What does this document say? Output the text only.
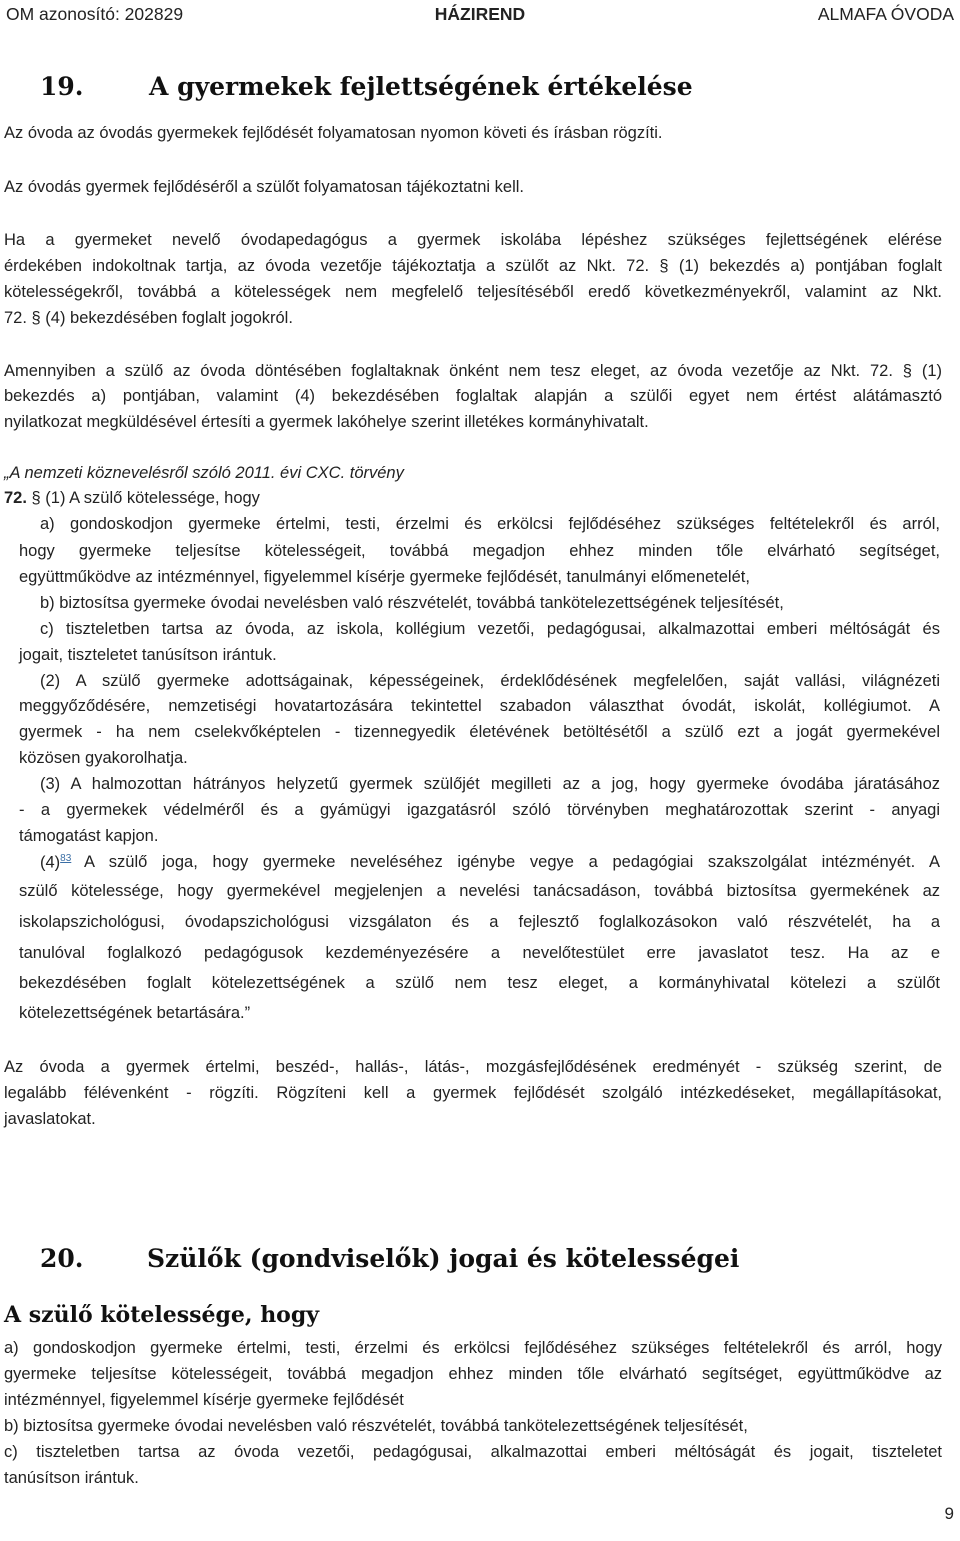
OM azonosító: 202829	HÁZIREND	ALMAFA ÓVODA
19.	A gyermekek fejlettségének értékelése
Az óvoda az óvodás gyermekek fejlődését folyamatosan nyomon követi és írásban rögzíti.
Az óvodás gyermek fejlődéséről a szülőt folyamatosan tájékoztatni kell.
Ha a gyermeket nevelő óvodapedagógus a gyermek iskolába lépéshez szükséges fejlettségének elérése
érdekében indokoltnak tartja, az óvoda vezetője tájékoztatja a szülőt az Nkt. 72. § (1) bekezdés a) pontjában foglalt
kötelességekről, továbbá a kötelességek nem megfelelő teljesítéséből eredő következményekről, valamint az Nkt.
72. § (4) bekezdésében foglalt jogokról.
Amennyiben a szülő az óvoda döntésében foglaltaknak önként nem tesz eleget, az óvoda vezetője az Nkt. 72. § (1)
bekezdés a) pontjában, valamint (4) bekezdésében foglaltak alapján a szülői egyet nem értést alátámasztó
nyilatkozat megküldésével értesíti a gyermek lakóhelye szerint illetékes kormányhivatalt.
„A nemzeti köznevelésről szóló 2011. évi CXC. törvény
72. § (1) A szülő kötelessége, hogy
a) gondoskodjon gyermeke értelmi, testi, érzelmi és erkölcsi fejlődéséhez szükséges feltételekről és arról,
hogy gyermeke teljesítse kötelességeit, továbbá megadjon ehhez minden tőle elvárható segítséget,
együttműködve az intézménnyel, figyelemmel kísérje gyermeke fejlődését, tanulmányi előmenetelét,
b) biztosítsa gyermeke óvodai nevelésben való részvételét, továbbá tankötelezettségének teljesítését,
c) tiszteletben tartsa az óvoda, az iskola, kollégium vezetői, pedagógusai, alkalmazottai emberi méltóságát és
jogait, tiszteletet tanúsítson irántuk.
(2) A szülő gyermeke adottságainak, képességeinek, érdeklődésének megfelelően, saját vallási, világnézeti
meggyőződésére, nemzetiségi hovatartozására tekintettel szabadon választhat óvodát, iskolát, kollégiumot. A
gyermek - ha nem cselekvőképtelen - tizennegyedik életévének betöltésétől a szülő ezt a jogát gyermekével
közösen gyakorolhatja.
(3) A halmozottan hátrányos helyzetű gyermek szülőjét megilleti az a jog, hogy gyermeke óvodába járatásához
- a gyermekek védelméről és a gyámügyi igazgatásról szóló törvényben meghatározottak szerint - anyagi
támogatást kapjon.
$(4)^{83}$ A szülő joga, hogy gyermeke neveléséhez igénybe vegye a pedagógiai szakszolgálat intézményét. A
szülő kötelessége, hogy gyermekével megjelenjen a nevelési tanácsadáson, továbbá biztosítsa gyermekének az
iskolapszichológusi, óvodapszichológusi vizsgálaton és a fejlesztő foglalkozásokon való részvételét, ha a
tanulóval foglalkozó pedagógusok kezdeményezésére a nevelőtestület erre javaslatot tesz. Ha az e
bekezdésében foglalt kötelezettségének a szülő nem tesz eleget, a kormányhivatal kötelezi a szülőt
kötelezettségének betartására.”
Az óvoda a gyermek értelmi, beszéd-, hallás-, látás-, mozgásfejlődésének eredményét - szükség szerint, de
legalább félévenként - rögzíti. Rögzíteni kell a gyermek fejlődését szolgáló intézkedéseket, megállapításokat,
javaslatokat.
20.	Szülők (gondviselők) jogai és kötelességei
A szülő kötelessége, hogy
a) gondoskodjon gyermeke értelmi, testi, érzelmi és erkölcsi fejlődéséhez szükséges feltételekről és arról, hogy
gyermeke teljesítse kötelességeit, továbbá megadjon ehhez minden tőle elvárható segítséget, együttműködve az
intézménnyel, figyelemmel kísérje gyermeke fejlődését
b) biztosítsa gyermeke óvodai nevelésben való részvételét, továbbá tankötelezettségének teljesítését,
c) tiszteletben tartsa az óvoda vezetői, pedagógusai, alkalmazottai emberi méltóságát és jogait, tiszteletet
tanúsítson irántuk.
9
